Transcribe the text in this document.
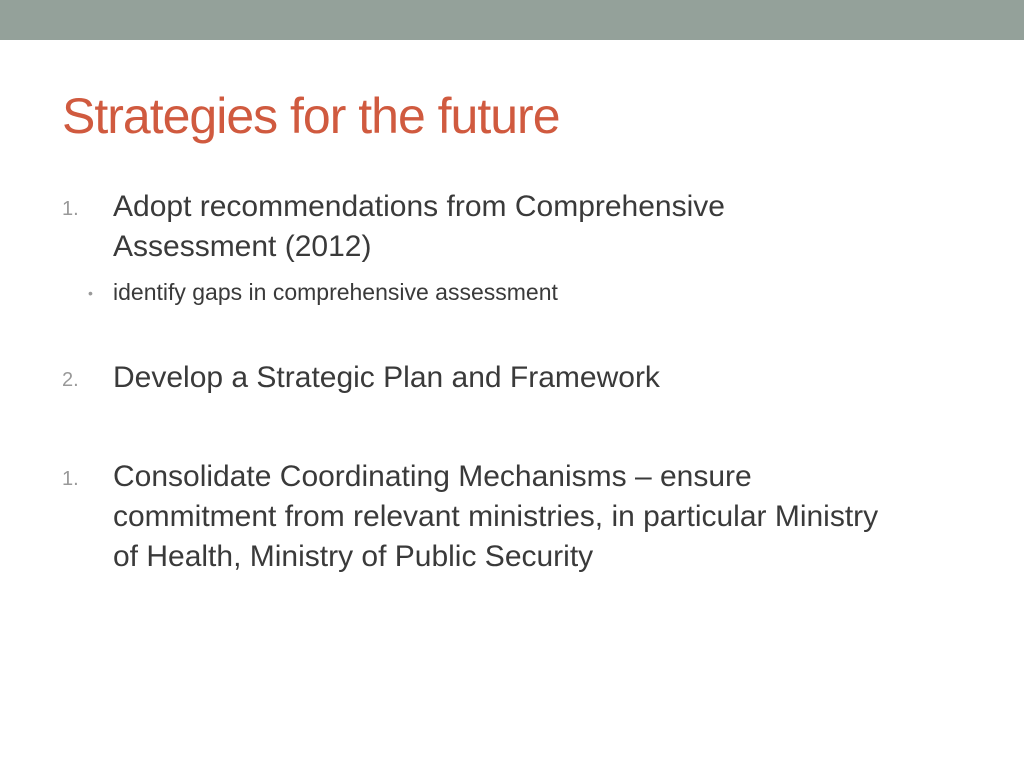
Strategies for the future
1.	Adopt recommendations from Comprehensive Assessment (2012)
• identify gaps in comprehensive assessment
2.	Develop a Strategic Plan and Framework
1.	Consolidate Coordinating Mechanisms – ensure commitment from relevant ministries, in particular Ministry of Health, Ministry of Public Security
